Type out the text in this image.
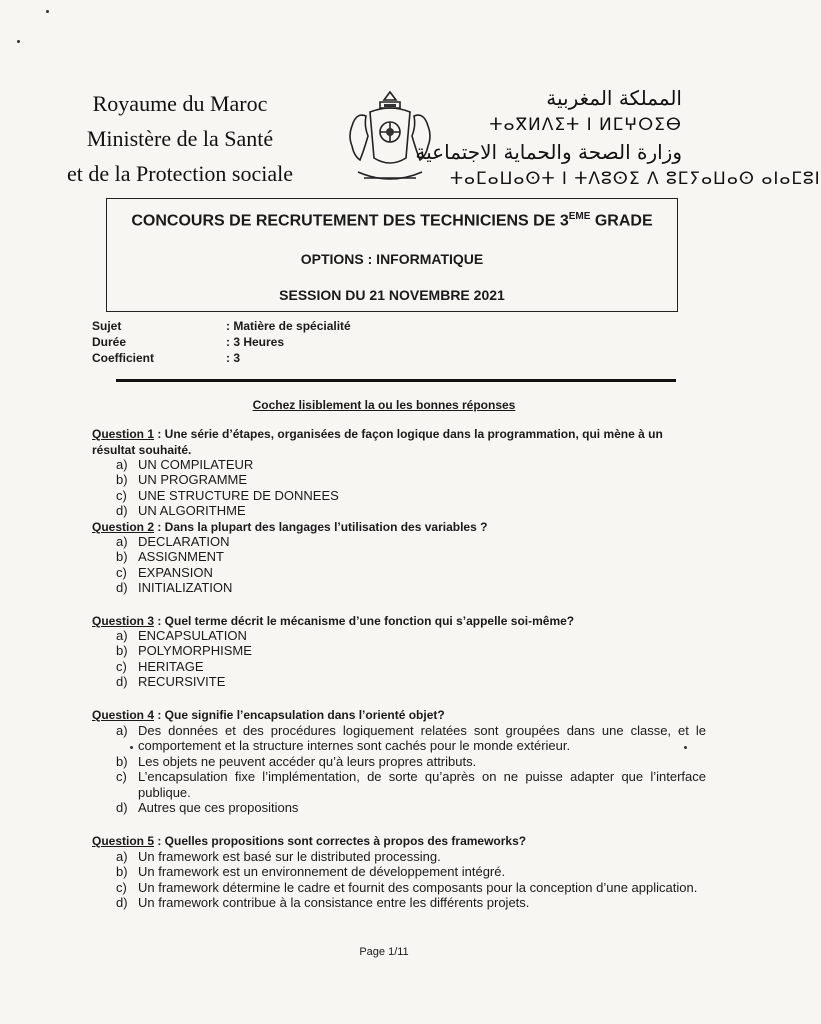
Royaume du Maroc
Ministère de la Santé
et de la Protection sociale
المملكة المغربية
ⵜⴰⴳⵍⴷⵉⵜ ⵏ ⵍⵎⵖⵔⵉⴱ
وزارة الصحة والحماية الاجتماعية
ⵜⴰⵎⴰⵡⴰⵙⵜ ⵏ ⵜⴷⵓⵙⵉ ⴷ ⵓⵎⵢⴰⵡⴰⵙ ⴰⵏⴰⵎⵓⵏ
CONCOURS DE RECRUTEMENT DES TECHNICIENS DE 3EME GRADE
OPTIONS : INFORMATIQUE
SESSION DU 21 NOVEMBRE 2021
Sujet	: Matière de spécialité
Durée	: 3 Heures
Coefficient	: 3
Cochez lisiblement la ou les bonnes réponses
Question 1 : Une série d’étapes, organisées de façon logique dans la programmation, qui mène à un résultat souhaité.
a) UN COMPILATEUR
b) UN PROGRAMME
c) UNE STRUCTURE DE DONNEES
d) UN ALGORITHME
Question 2 : Dans la plupart des langages l’utilisation des variables ?
a) DECLARATION
b) ASSIGNMENT
c) EXPANSION
d) INITIALIZATION
Question 3 : Quel terme décrit le mécanisme d’une fonction qui s’appelle soi-même?
a) ENCAPSULATION
b) POLYMORPHISME
c) HERITAGE
d) RECURSIVITE
Question 4 : Que signifie l’encapsulation dans l’orienté objet?
a) Des données et des procédures logiquement relatées sont groupées dans une classe, et le comportement et la structure internes sont cachés pour le monde extérieur.
b) Les objets ne peuvent accéder qu’à leurs propres attributs.
c) L’encapsulation fixe l’implémentation, de sorte qu’après on ne puisse adapter que l’interface publique.
d) Autres que ces propositions
Question 5 : Quelles propositions sont correctes à propos des frameworks?
a) Un framework est basé sur le distributed processing.
b) Un framework est un environnement de développement intégré.
c) Un framework détermine le cadre et fournit des composants pour la conception d’une application.
d) Un framework contribue à la consistance entre les différents projets.
Page 1/11
